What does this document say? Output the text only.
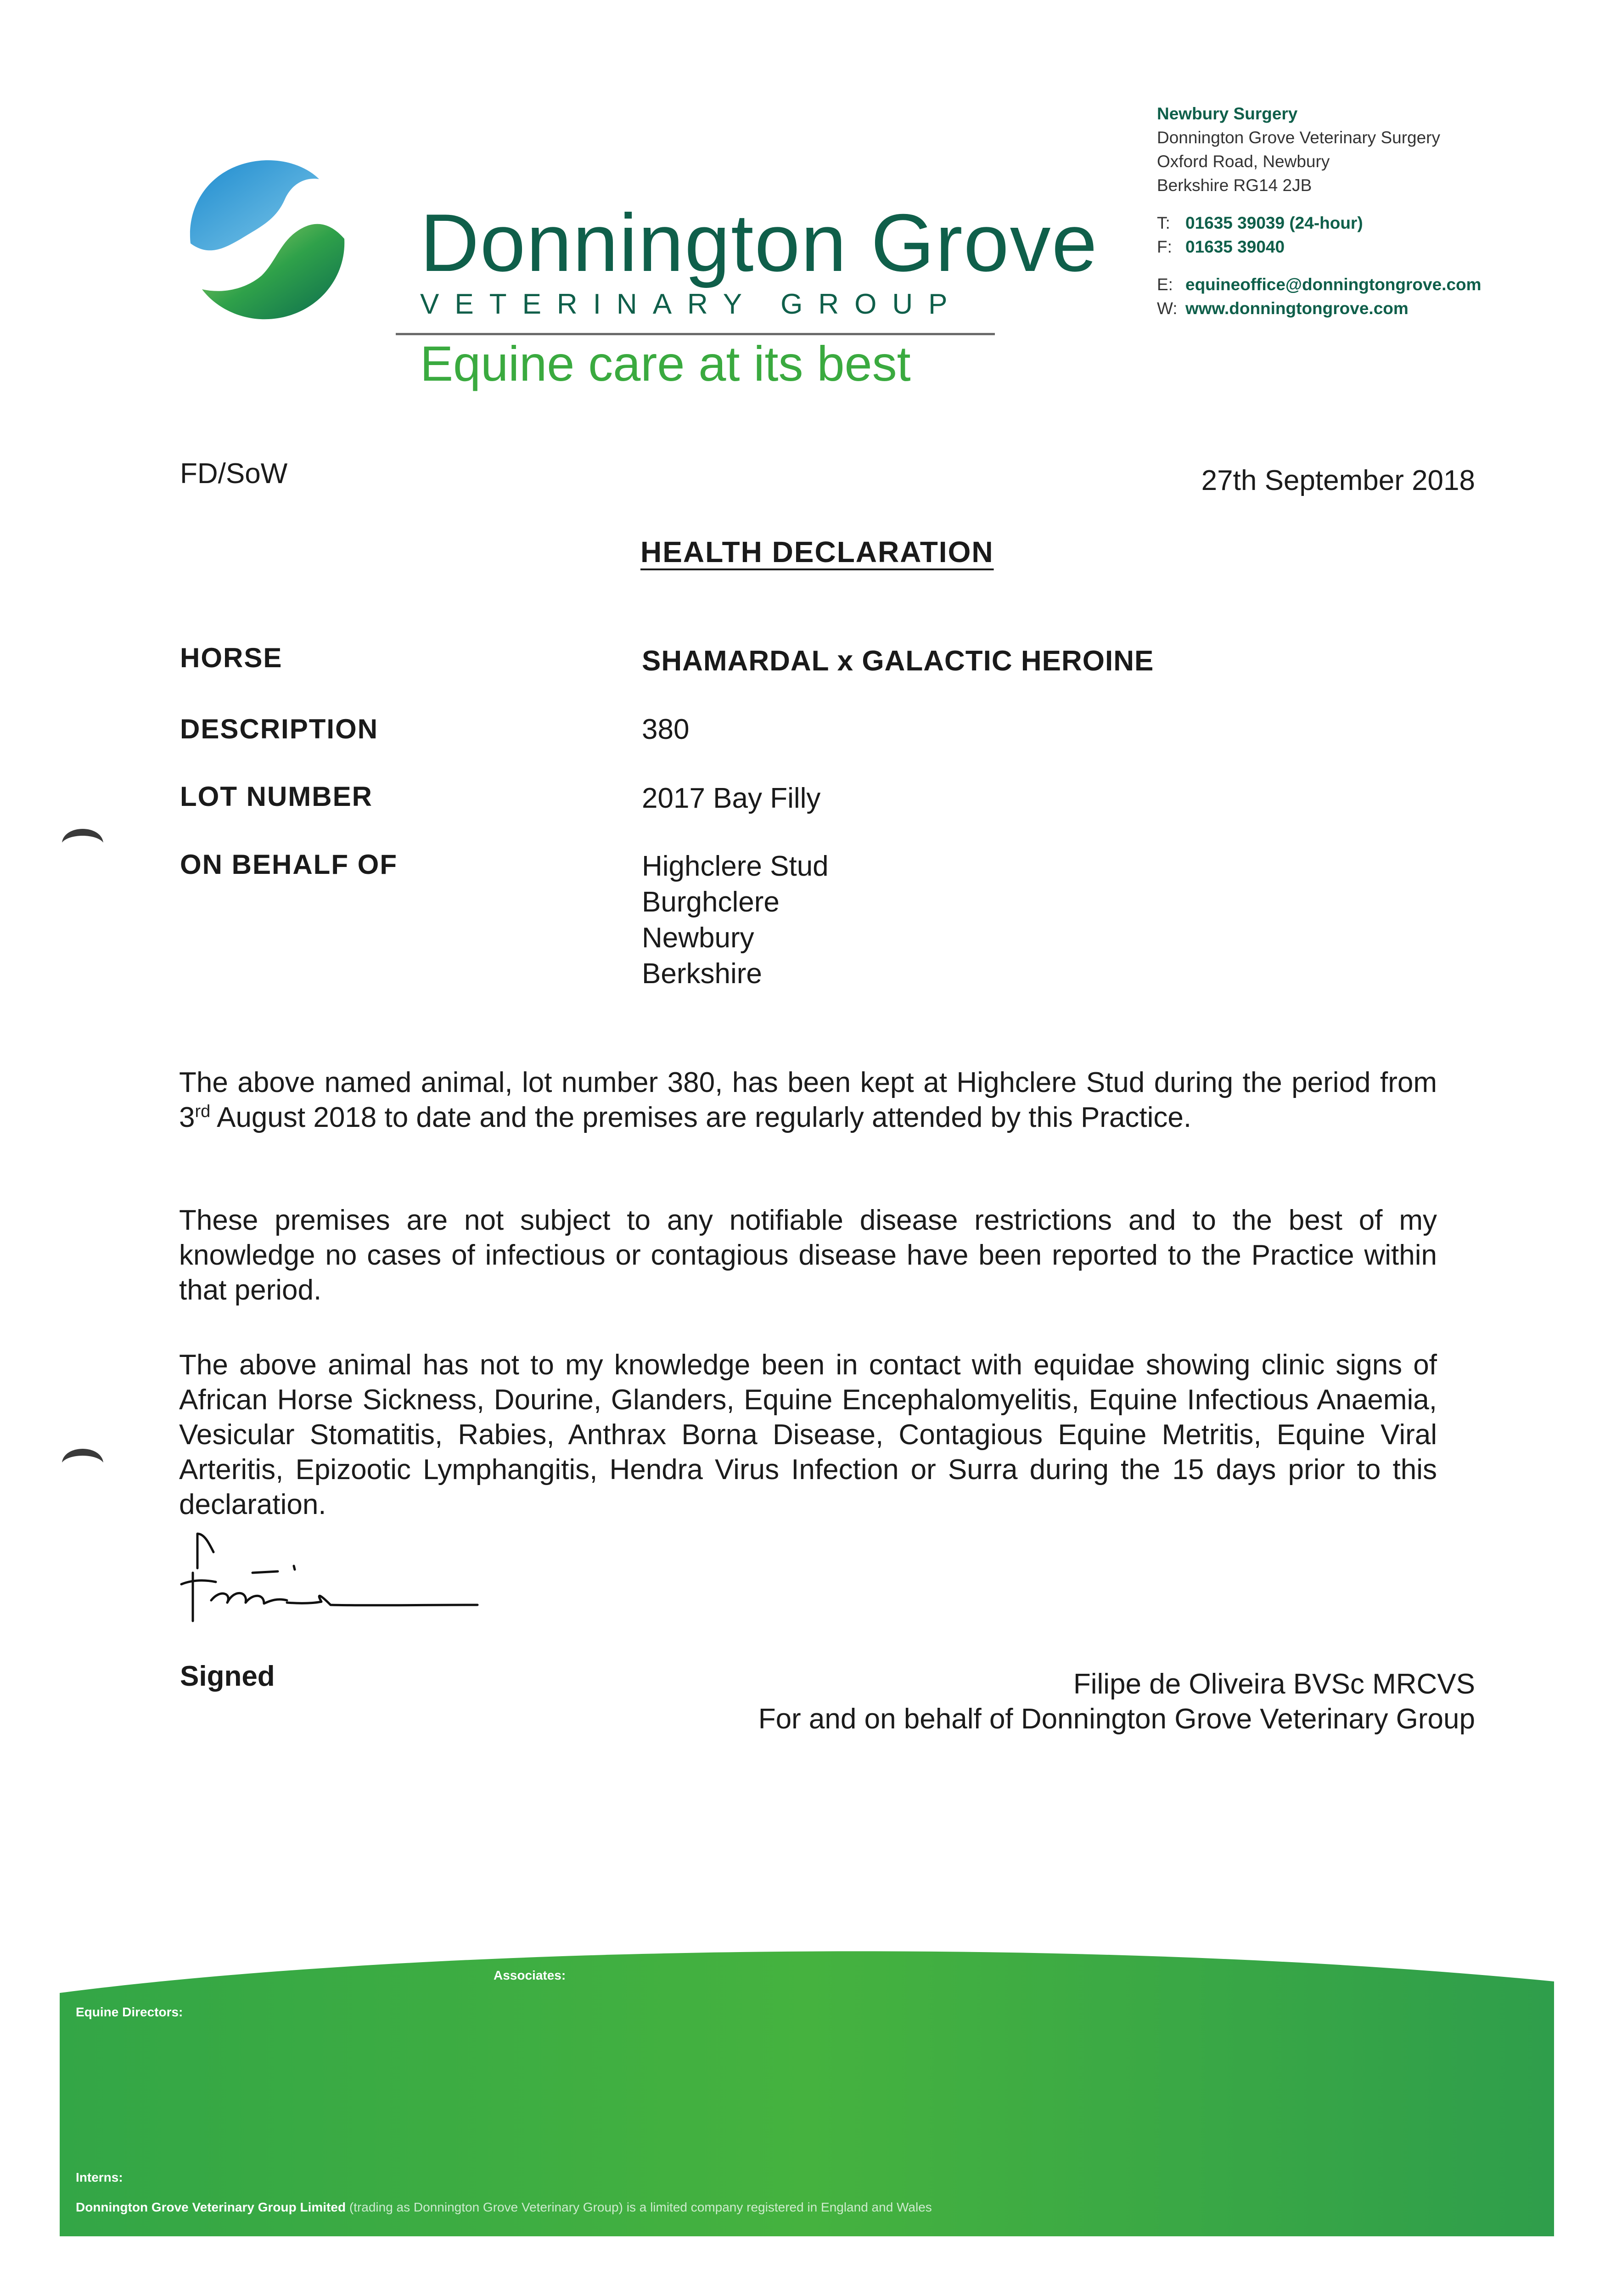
Donnington Grove
VETERINARY GROUP
Equine care at its best
Newbury Surgery
Donnington Grove Veterinary Surgery
Oxford Road, Newbury
Berkshire RG14 2JB
T: 01635 39039 (24-hour)
F: 01635 39040
E: equineoffice@donningtongrove.com
W: www.donningtongrove.com
FD/SoW	27th September 2018
HEALTH DECLARATION
HORSE	SHAMARDAL x GALACTIC HEROINE
DESCRIPTION	380
LOT NUMBER	2017 Bay Filly
ON BEHALF OF	Highclere Stud
Burghclere
Newbury
Berkshire
The above named animal, lot number 380, has been kept at Highclere Stud during the period from 3rd August 2018 to date and the premises are regularly attended by this Practice.
These premises are not subject to any notifiable disease restrictions and to the best of my knowledge no cases of infectious or contagious disease have been reported to the Practice within that period.
The above animal has not to my knowledge been in contact with equidae showing clinic signs of African Horse Sickness, Dourine, Glanders, Equine Encephalomyelitis, Equine Infectious Anaemia, Vesicular Stomatitis, Rabies, Anthrax Borna Disease, Contagious Equine Metritis, Equine Viral Arteritis, Epizootic Lymphangitis, Hendra Virus Infection or Surra during the 15 days prior to this declaration.
Signed	Filipe de Oliveira BVSc MRCVS
For and on behalf of Donnington Grove Veterinary Group
Equine Directors:
Associates:
Interns:
Donnington Grove Veterinary Group Limited (trading as Donnington Grove Veterinary Group) is a limited company registered in England and Wales
